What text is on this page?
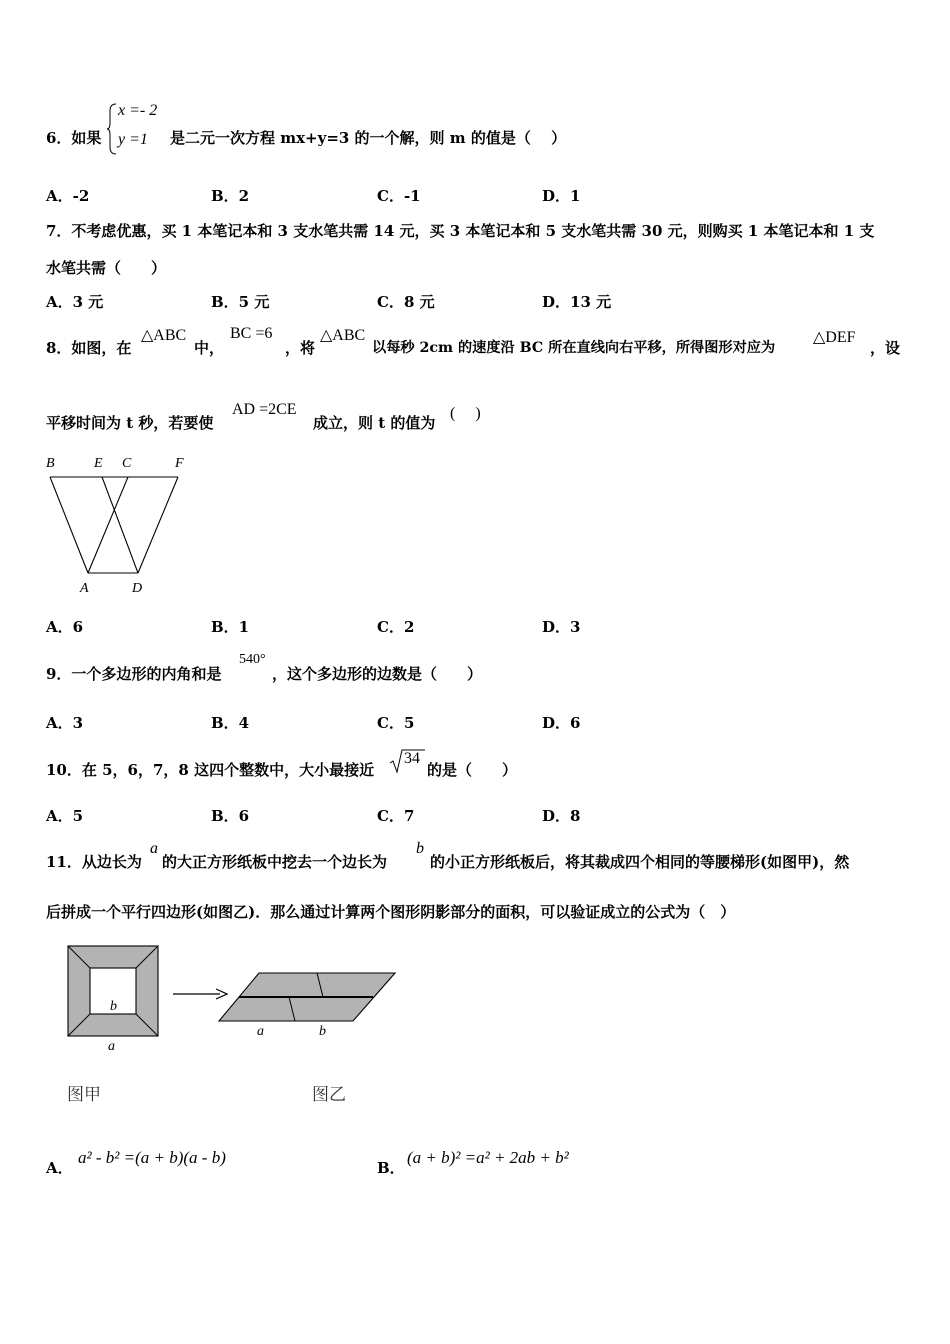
6．如果
x =- 2
y =1 是二元一次方程 mx+y=3 的一个解，则 m 的值是（　 ）
A．-2	B．2	C．-1	D．1
7．不考虑优惠，买 1 本笔记本和 3 支水笔共需 14 元，买 3 本笔记本和 5 支水笔共需 30 元，则购买 1 本笔记本和 1 支
水笔共需（　　）
A．3 元	B．5 元	C．8 元	D．13 元
8．如图，在
△ABC
中，
BC =6
，将
△ABC
以每秒 2cm 的速度沿 BC 所在直线向右平移，所得图形对应为
△DEF
，设
平移时间为 t 秒，若要使
AD =2CE
成立，则 t 的值为
(　 )
B	E C	F
A	D
A．6	B．1	C．2	D．3
9．一个多边形的内角和是
540°
，这个多边形的边数是（　　）
A．3	B．4	C．5	D．6
10．在 5，6，7，8 这四个整数中，大小最接近
34
的是（　　）
A．5	B．6	C．7	D．8
11．从边长为
a
的大正方形纸板中挖去一个边长为
b
的小正方形纸板后，将其裁成四个相同的等腰梯形(如图甲)，然
后拼成一个平行四边形(如图乙)．那么通过计算两个图形阴影部分的面积，可以验证成立的公式为（　）
b
a
a	b
图甲	图乙
A．
a² - b² =(a + b)(a - b)
B．
(a + b)² =a² + 2ab + b²
